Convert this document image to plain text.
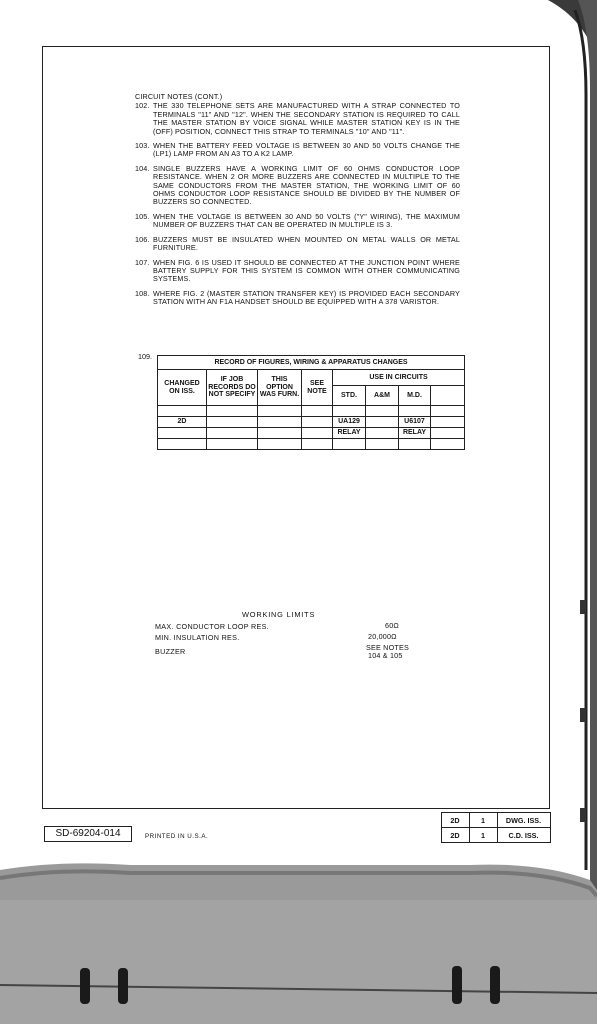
CIRCUIT NOTES (CONT.)
102. THE 330 TELEPHONE SETS ARE MANUFACTURED WITH A STRAP CONNECTED TO TERMINALS "11" AND "12". WHEN THE SECONDARY STATION IS REQUIRED TO CALL THE MASTER STATION BY VOICE SIGNAL WHILE MASTER STATION KEY IS IN THE (OFF) POSITION, CONNECT THIS STRAP TO TERMINALS "10" AND "11".
103. WHEN THE BATTERY FEED VOLTAGE IS BETWEEN 30 AND 50 VOLTS CHANGE THE (LP1) LAMP FROM AN A3 TO A K2 LAMP.
104. SINGLE BUZZERS HAVE A WORKING LIMIT OF 60 OHMS CONDUCTOR LOOP RESISTANCE. WHEN 2 OR MORE BUZZERS ARE CONNECTED IN MULTIPLE TO THE SAME CONDUCTORS FROM THE MASTER STATION, THE WORKING LIMIT OF 60 OHMS CONDUCTOR LOOP RESISTANCE SHOULD BE DIVIDED BY THE NUMBER OF BUZZERS SO CONNECTED.
105. WHEN THE VOLTAGE IS BETWEEN 30 AND 50 VOLTS ("Y" WIRING), THE MAXIMUM NUMBER OF BUZZERS THAT CAN BE OPERATED IN MULTIPLE IS 3.
106. BUZZERS MUST BE INSULATED WHEN MOUNTED ON METAL WALLS OR METAL FURNITURE.
107. WHEN FIG. 6 IS USED IT SHOULD BE CONNECTED AT THE JUNCTION POINT WHERE BATTERY SUPPLY FOR THIS SYSTEM IS COMMON WITH OTHER COMMUNICATING SYSTEMS.
108. WHERE FIG. 2 (MASTER STATION TRANSFER KEY) IS PROVIDED EACH SECONDARY STATION WITH AN F1A HANDSET SHOULD BE EQUIPPED WITH A 378 VARISTOR.
109.
RECORD OF FIGURES, WIRING & APPARATUS CHANGES							
CHANGED ON ISS.	IF JOB RECORDS DO NOT SPECIFY	THIS OPTION WAS FURN.	SEE NOTE	USE IN CIRCUITS			
				STD.	A&M	M.D.	

2D				UA129		U6107	
				RELAY		RELAY	

WORKING LIMITS
MAX. CONDUCTOR LOOP RES.	60Ω
MIN. INSULATION RES.	20,000Ω
BUZZER	SEE NOTES
104 & 105
SD-69204-014	PRINTED IN U.S.A.
	2D	1	DWG. ISS.
	2D	1	C.D. ISS.
